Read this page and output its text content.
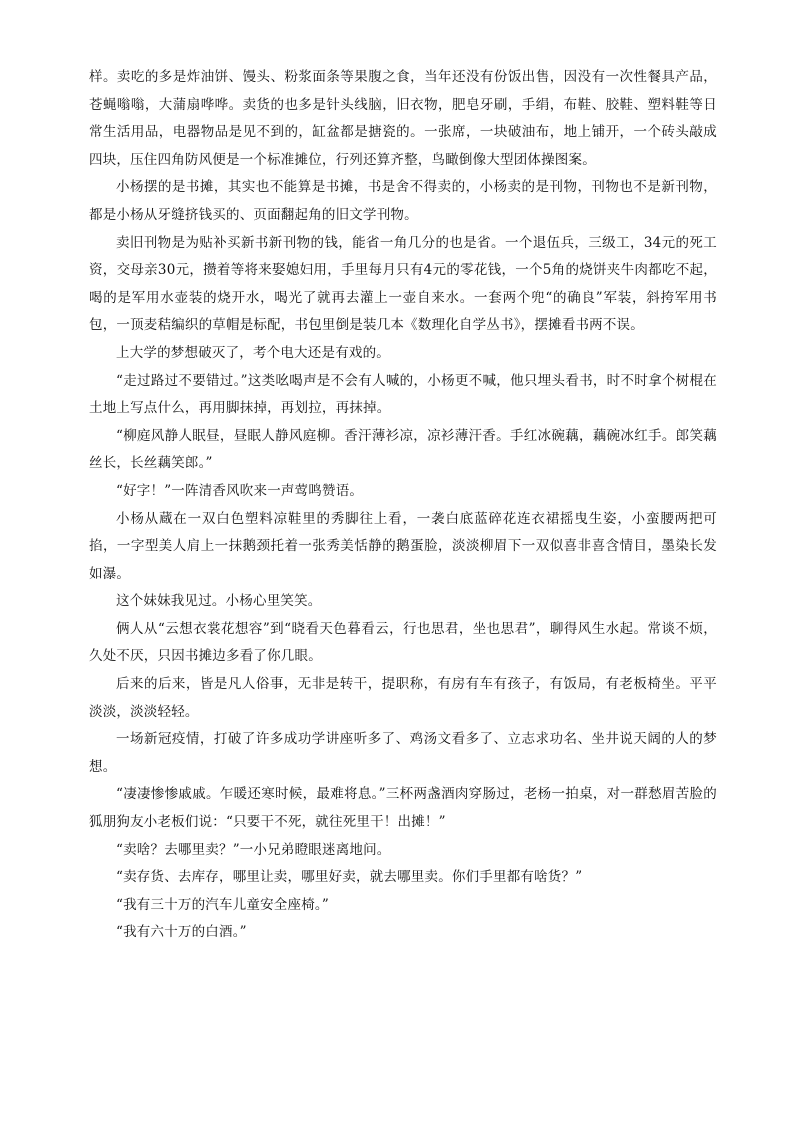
样。卖吃的多是炸油饼、馒头、粉浆面条等果腹之食，当年还没有份饭出售，因没有一次性餐具产品，苍蝇嗡嗡，大蒲扇哗哗。卖货的也多是针头线脑，旧衣物，肥皂牙刷，手绢，布鞋、胶鞋、塑料鞋等日常生活用品，电器物品是见不到的，缸盆都是搪瓷的。一张席，一块破油布，地上铺开，一个砖头敲成四块，压住四角防风便是一个标准摊位，行列还算齐整，鸟瞰倒像大型团体操图案。

小杨摆的是书摊，其实也不能算是书摊，书是舍不得卖的，小杨卖的是刊物，刊物也不是新刊物，都是小杨从牙缝挤钱买的、页面翻起角的旧文学刊物。

卖旧刊物是为贴补买新书新刊物的钱，能省一角几分的也是省。一个退伍兵，三级工，34元的死工资，交母亲30元，攒着等将来娶媳妇用，手里每月只有4元的零花钱，一个5角的烧饼夹牛肉都吃不起，喝的是军用水壶装的烧开水，喝光了就再去灌上一壶自来水。一套两个兜“的确良”军装，斜挎军用书包，一顶麦秸编织的草帽是标配，书包里倒是装几本《数理化自学丛书》，摆摊看书两不误。

上大学的梦想破灭了，考个电大还是有戏的。

“走过路过不要错过。”这类吆喝声是不会有人喊的，小杨更不喊，他只埋头看书，时不时拿个树棍在土地上写点什么，再用脚抹掉，再划拉，再抹掉。

“柳庭风静人眠昼，昼眠人静风庭柳。香汗薄衫凉，凉衫薄汗香。手红冰碗藕，藕碗冰红手。郎笑藕丝长，长丝藕笑郎。”

“好字！”一阵清香风吹来一声莺鸣赞语。

小杨从蔵在一双白色塑料凉鞋里的秀脚往上看，一袭白底蓝碎花连衣裙摇曳生姿，小蛮腰两把可掐，一字型美人肩上一抹鹅颈托着一张秀美恬静的鹅蛋脸，淡淡柳眉下一双似喜非喜含情目，墨染长发如瀑。

这个妹妹我见过。小杨心里笑笑。

俩人从“云想衣裳花想容”到“晓看天色暮看云，行也思君，坐也思君”，聊得风生水起。常谈不烦，久处不厌，只因书摊边多看了你几眼。

后来的后来，皆是凡人俗事，无非是转干，提职称，有房有车有孩子，有饭局，有老板椅坐。平平淡淡，淡淡轻轻。

一场新冠疫情，打破了许多成功学讲座听多了、鸡汤文看多了、立志求功名、坐井说天阔的人的梦想。

“凄凄惨惨戚戚。乍暖还寒时候，最难将息。”三杯两盏酒肉穿肠过，老杨一拍桌，对一群愁眉苦脸的狐朋狗友小老板们说：“只要干不死，就往死里干！出摊！”

“卖啥？去哪里卖？”一小兄弟瞪眼迷离地问。

“卖存货、去库存，哪里让卖，哪里好卖，就去哪里卖。你们手里都有啥货？”

“我有三十万的汽车儿童安全座椅。”

“我有六十万的白酒。”
